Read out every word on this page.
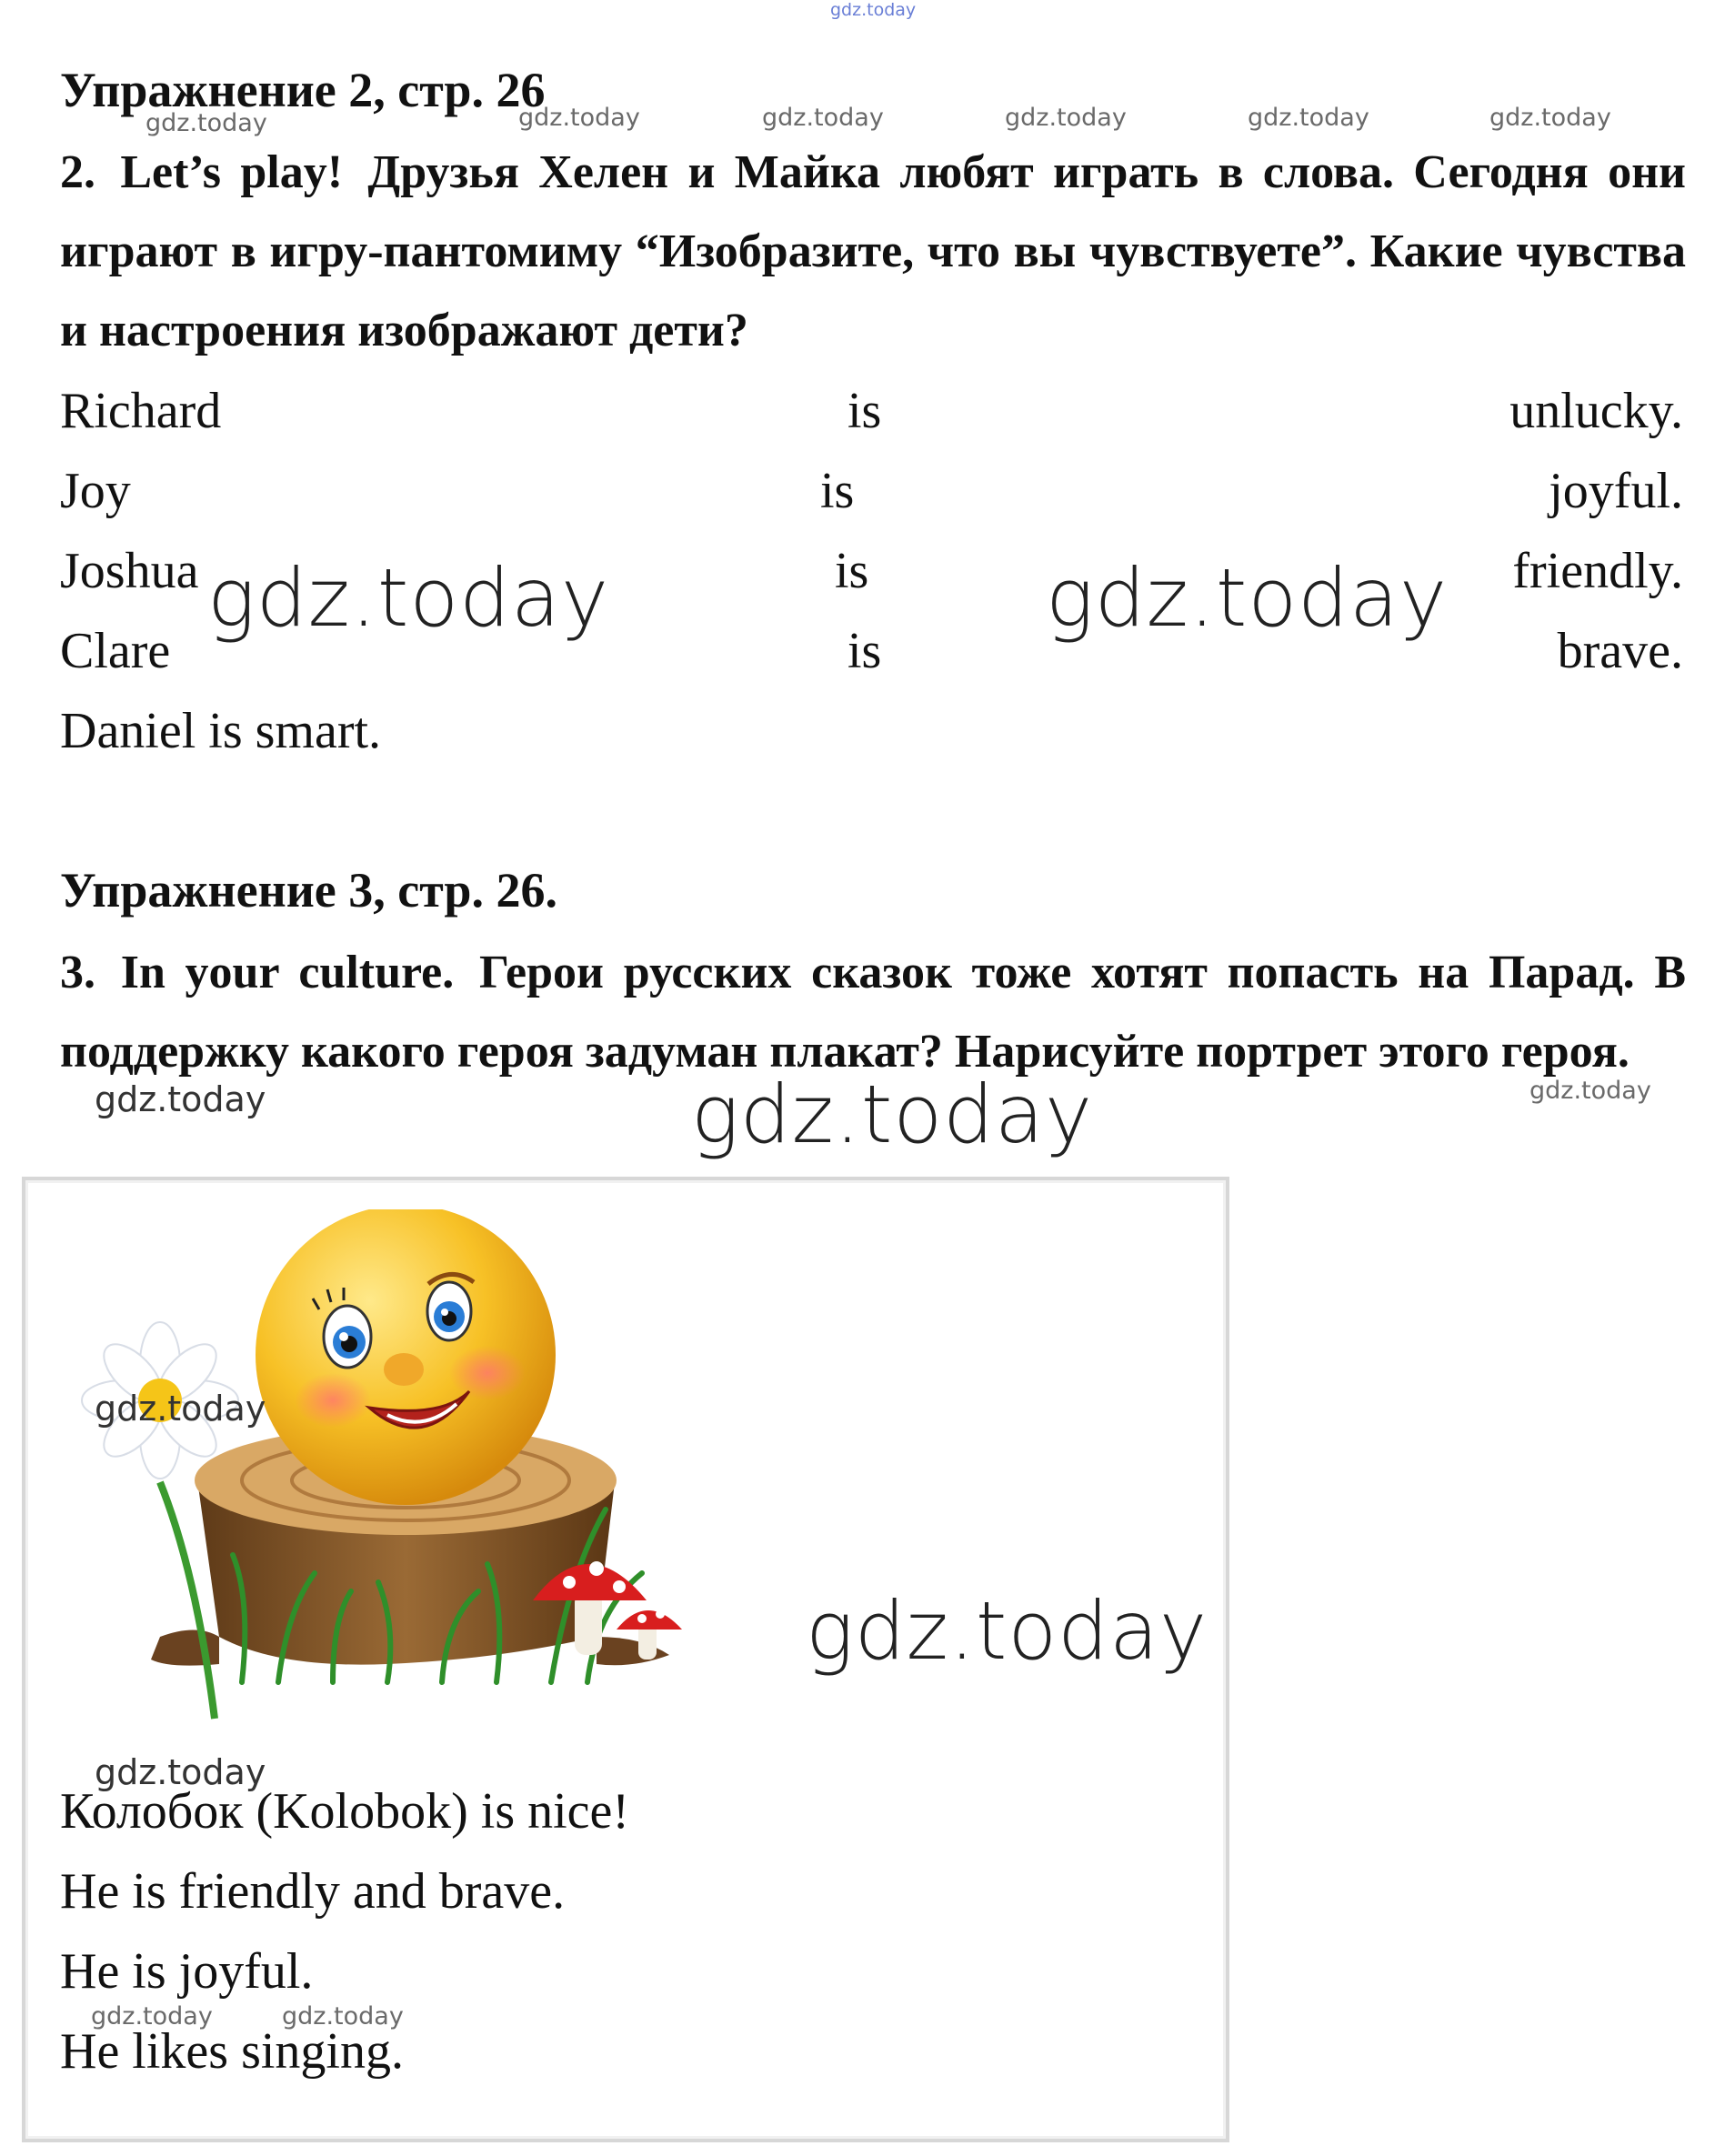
gdz.today
Упражнение 2, стр. 26
gdz.today	gdz.today	gdz.today	gdz.today	gdz.today	gdz.today
2. Let’s play! Друзья Хелен и Майка любят играть в слова. Сегодня они играют в игру-пантомиму “Изобразите, что вы чувствуете”. Какие чувства и настроения изображают дети?
Richard	is	unlucky.
Joy	is	joyful.
Joshua	is	friendly.
Clare	is	brave.
Daniel is smart.
gdz.today	gdz.today
Упражнение 3, стр. 26.
3. In your culture. Герои русских сказок тоже хотят попасть на Парад. В поддержку какого героя задуман плакат? Нарисуйте портрет этого героя.
gdz.today	gdz.today
gdz.today
gdz.today
gdz.today
gdz.today
Колобок (Kolobok) is nice!
He is friendly and brave.
He is joyful.
gdz.today	gdz.today
He likes singing.
